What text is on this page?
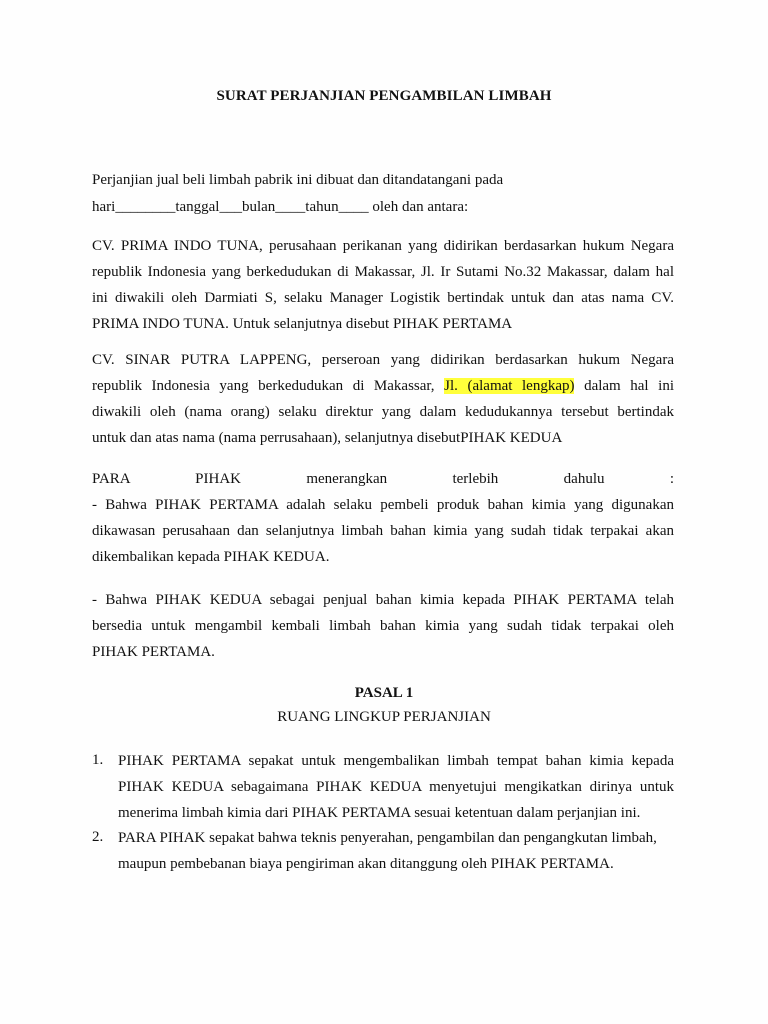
SURAT PERJANJIAN PENGAMBILAN LIMBAH
Perjanjian jual beli limbah pabrik ini dibuat dan ditandatangani pada
hari________tanggal___bulan____tahun____ oleh dan antara:
CV. PRIMA INDO TUNA, perusahaan perikanan yang didirikan berdasarkan hukum Negara
republik Indonesia yang berkedudukan di Makassar, Jl. Ir Sutami No.32 Makassar, dalam hal
ini diwakili oleh Darmiati S, selaku Manager Logistik bertindak untuk dan atas nama CV.
PRIMA INDO TUNA. Untuk selanjutnya disebut PIHAK PERTAMA
CV. SINAR PUTRA LAPPENG, perseroan yang didirikan berdasarkan hukum Negara
republik Indonesia yang berkedudukan di Makassar, Jl. (alamat lengkap) dalam hal ini
diwakili oleh (nama orang) selaku direktur yang dalam kedudukannya tersebut bertindak
untuk dan atas nama (nama perrusahaan), selanjutnya disebutPIHAK KEDUA
PARA	PIHAK	menerangkan	terlebih	dahulu	:
- Bahwa PIHAK PERTAMA adalah selaku pembeli produk bahan kimia yang digunakan
dikawasan perusahaan dan selanjutnya limbah bahan kimia yang sudah tidak terpakai akan
dikembalikan kepada PIHAK KEDUA.
- Bahwa PIHAK KEDUA sebagai penjual bahan kimia kepada PIHAK PERTAMA telah
bersedia untuk mengambil kembali limbah bahan kimia yang sudah tidak terpakai oleh
PIHAK PERTAMA.
PASAL 1
RUANG LINGKUP PERJANJIAN
1. PIHAK PERTAMA sepakat untuk mengembalikan limbah tempat bahan kimia kepada
PIHAK KEDUA sebagaimana PIHAK KEDUA menyetujui mengikatkan dirinya untuk
menerima limbah kimia dari PIHAK PERTAMA sesuai ketentuan dalam perjanjian ini.
2. PARA PIHAK sepakat bahwa teknis penyerahan, pengambilan dan pengangkutan limbah,
maupun pembebanan biaya pengiriman akan ditanggung oleh PIHAK PERTAMA.
